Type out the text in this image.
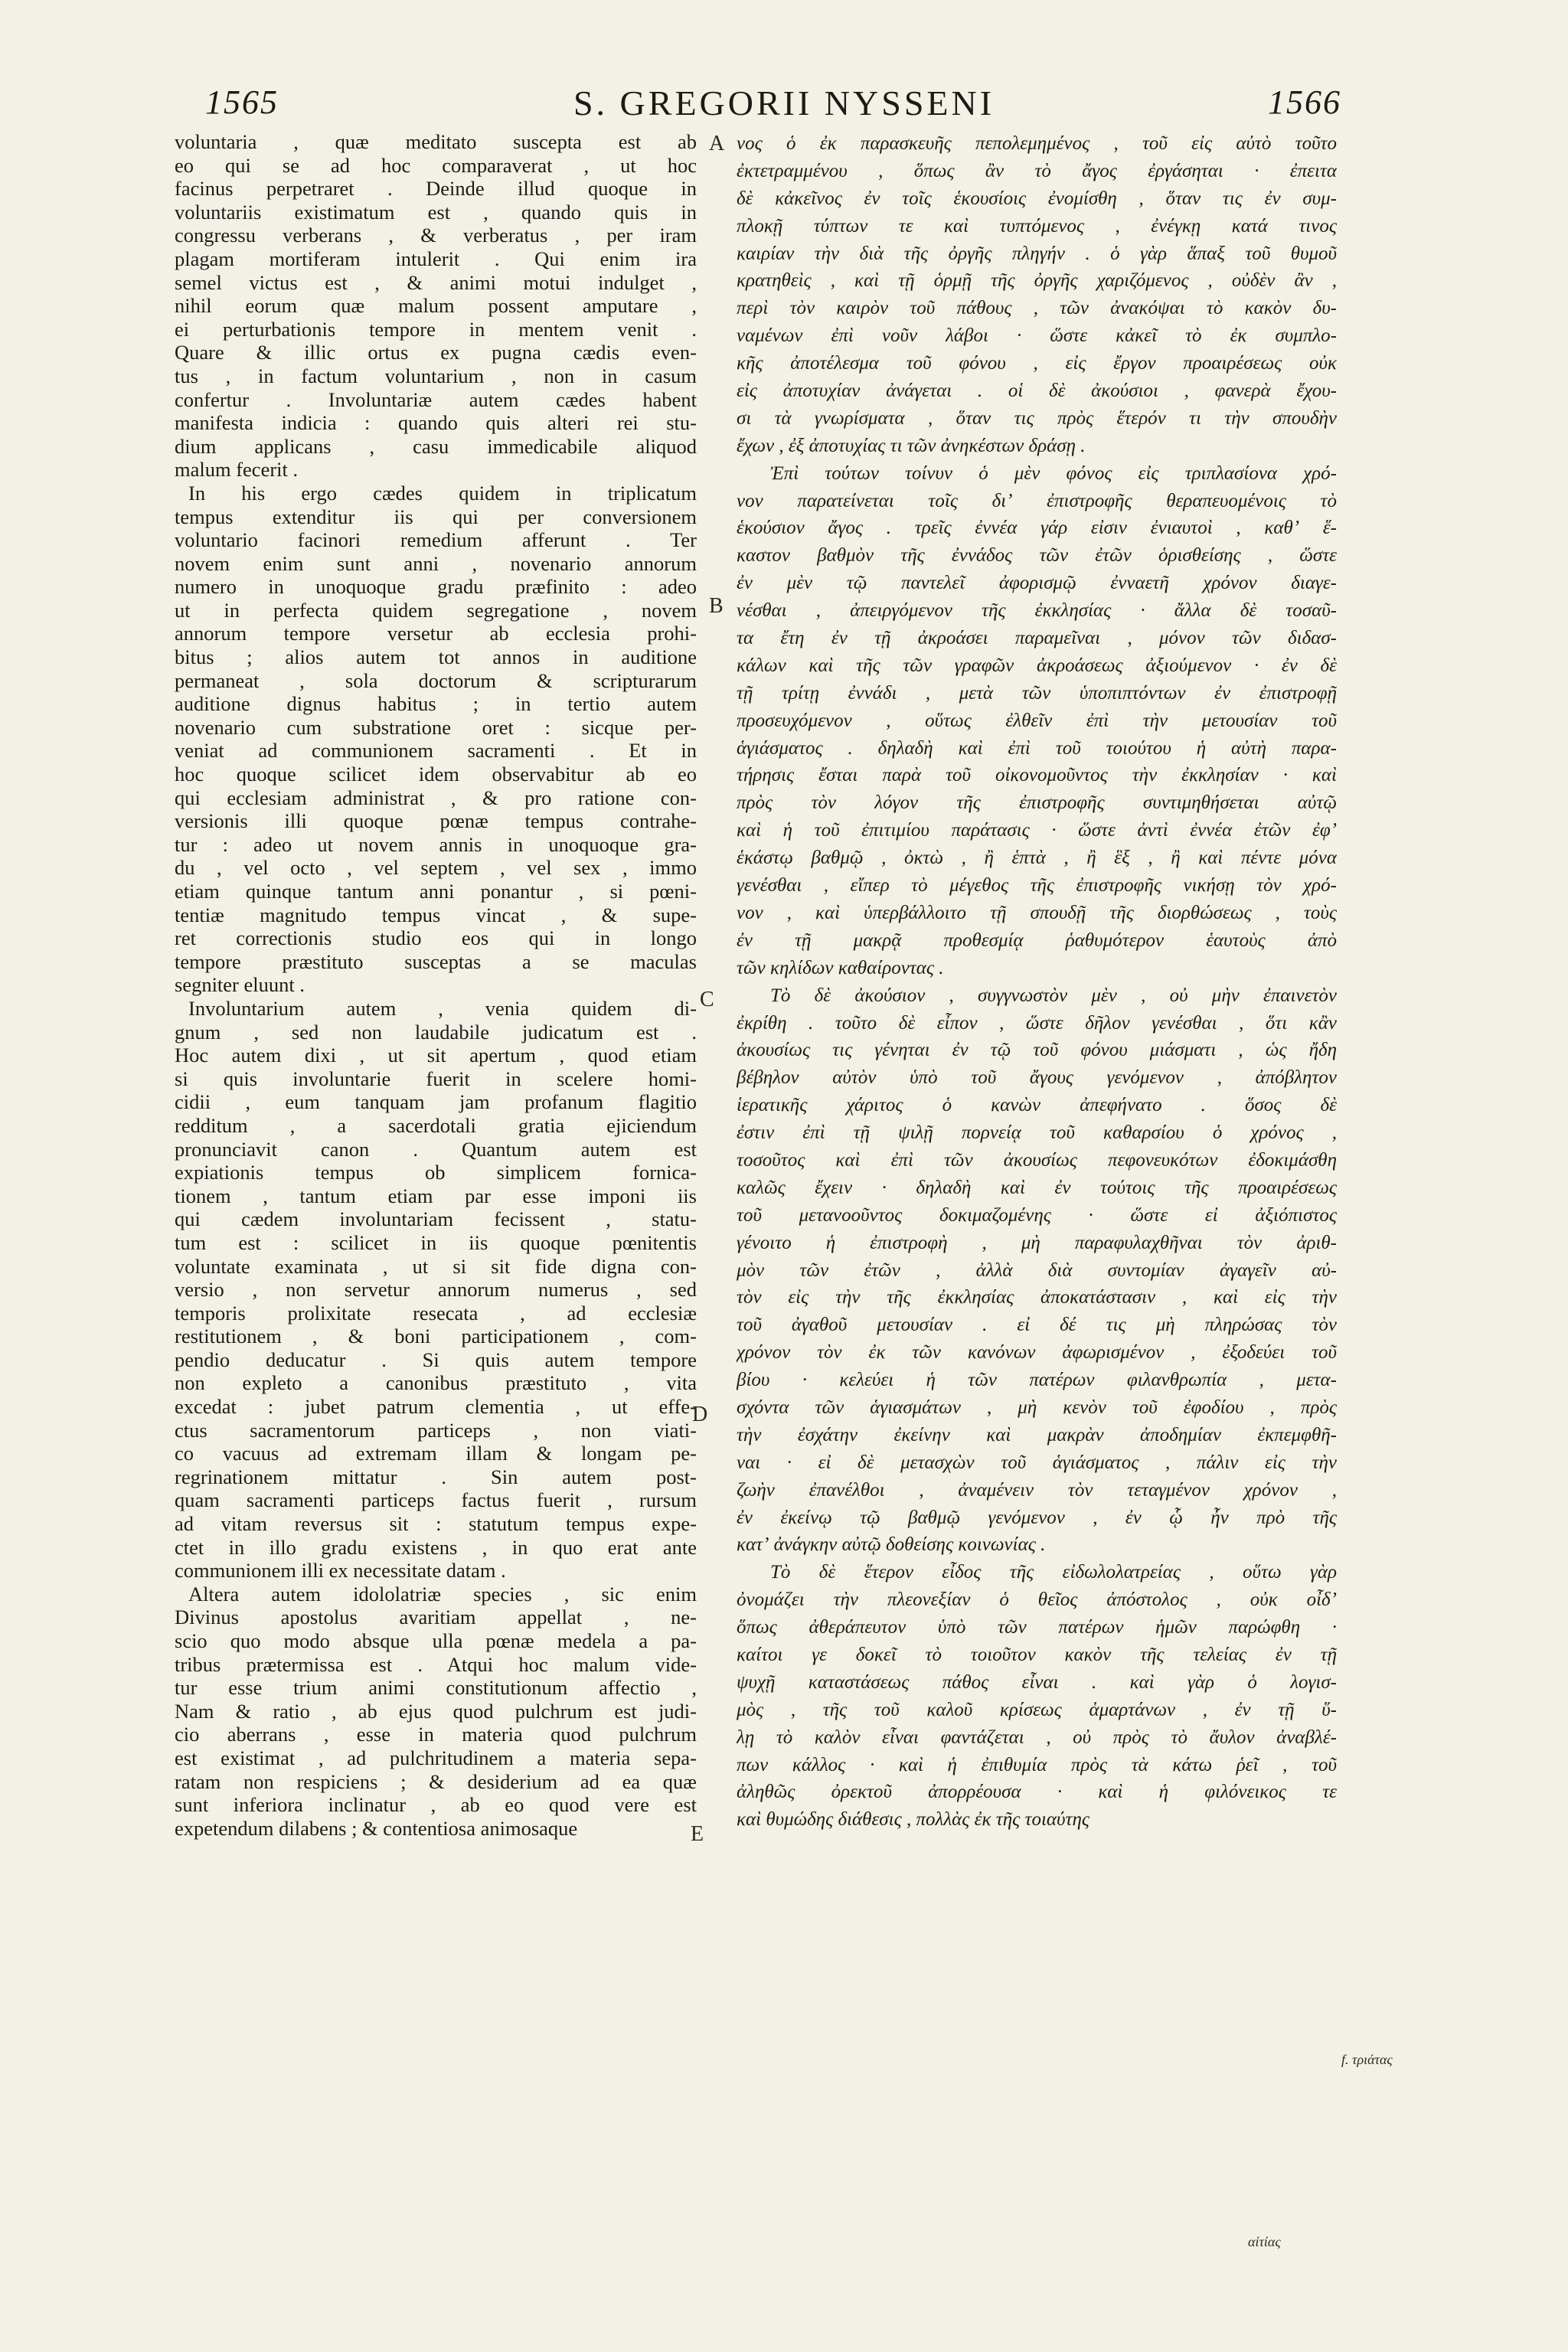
1565	S. GREGORII NYSSENI	1566
voluntaria , quæ meditato suscepta est ab
eo qui se ad hoc comparaverat , ut hoc
facinus perpetraret . Deinde illud quoque in
voluntariis existimatum est , quando quis in
congressu verberans , & verberatus , per iram
plagam mortiferam intulerit . Qui enim ira
semel victus est , & animi motui indulget ,
nihil eorum quæ malum possent amputare ,
ei perturbationis tempore in mentem venit .
Quare & illic ortus ex pugna cædis even-
tus , in factum voluntarium , non in casum
confertur . Involuntariæ autem cædes habent
manifesta indicia : quando quis alteri rei stu-
dium applicans , casu immedicabile aliquod
malum fecerit .
In his ergo cædes quidem in triplicatum
tempus extenditur iis qui per conversionem
voluntario facinori remedium afferunt . Ter
novem enim sunt anni , novenario annorum
numero in unoquoque gradu præfinito : adeo
ut in perfecta quidem segregatione , novem
annorum tempore versetur ab ecclesia prohi-
bitus ; alios autem tot annos in auditione
permaneat , sola doctorum & scripturarum
auditione dignus habitus ; in tertio autem
novenario cum substratione oret : sicque per-
veniat ad communionem sacramenti . Et in
hoc quoque scilicet idem observabitur ab eo
qui ecclesiam administrat , & pro ratione con-
versionis illi quoque pœnæ tempus contrahe-
tur : adeo ut novem annis in unoquoque gra-
du , vel octo , vel septem , vel sex , immo
etiam quinque tantum anni ponantur , si pœni-
tentiæ magnitudo tempus vincat , & supe-
ret correctionis studio eos qui in longo
tempore præstituto susceptas a se maculas
segniter eluunt .
Involuntarium autem , venia quidem di-
gnum , sed non laudabile judicatum est .
Hoc autem dixi , ut sit apertum , quod etiam
si quis involuntarie fuerit in scelere homi-
cidii , eum tanquam jam profanum flagitio
redditum , a sacerdotali gratia ejiciendum
pronunciavit canon . Quantum autem est
expiationis tempus ob simplicem fornica-
tionem , tantum etiam par esse imponi iis
qui cædem involuntariam fecissent , statu-
tum est : scilicet in iis quoque pœnitentis
voluntate examinata , ut si sit fide digna con-
versio , non servetur annorum numerus , sed
temporis prolixitate resecata , ad ecclesiæ
restitutionem , & boni participationem , com-
pendio deducatur . Si quis autem tempore
non expleto a canonibus præstituto , vita
excedat : jubet patrum clementia , ut effe-
ctus sacramentorum particeps , non viati-
co vacuus ad extremam illam & longam pe-
regrinationem mittatur . Sin autem post-
quam sacramenti particeps factus fuerit , rursum
ad vitam reversus sit : statutum tempus expe-
ctet in illo gradu existens , in quo erat ante
communionem illi ex necessitate datam .
Altera autem idololatriæ species , sic enim
Divinus apostolus avaritiam appellat , ne-
scio quo modo absque ulla pœnæ medela a pa-
tribus prætermissa est . Atqui hoc malum vide-
tur esse trium animi constitutionum affectio ,
Nam & ratio , ab ejus quod pulchrum est judi-
cio aberrans , esse in materia quod pulchrum
est existimat , ad pulchritudinem a materia sepa-
ratam non respiciens ; & desiderium ad ea quæ
sunt inferiora inclinatur , ab eo quod vere est
expetendum dilabens ; & contentiosa animosaque
νος ὁ ἐκ παρασκευῆς πεπολεμημένος , τοῦ εἰς αὐτὸ τοῦτο
ἐκτετραμμένου , ὅπως ἂν τὸ ἄγος ἐργάσηται · ἐπειτα
δὲ κἀκεῖνος ἐν τοῖς ἑκουσίοις ἐνομίσθη , ὅταν τις ἐν συμ-
πλοκῇ τύπτων τε καὶ τυπτόμενος , ἐνέγκῃ κατά τινος
καιρίαν τὴν διὰ τῆς ὀργῆς πληγήν . ὁ γὰρ ἅπαξ τοῦ θυμοῦ
κρατηθεὶς , καὶ τῇ ὁρμῇ τῆς ὀργῆς χαριζόμενος , οὐδὲν ἂν ,
περὶ τὸν καιρὸν τοῦ πάθους , τῶν ἀνακόψαι τὸ κακὸν δυ-
ναμένων ἐπὶ νοῦν λάβοι · ὥστε κἀκεῖ τὸ ἐκ συμπλο-
κῆς ἀποτέλεσμα τοῦ φόνου , εἰς ἔργον προαιρέσεως οὐκ
εἰς ἀποτυχίαν ἀνάγεται . οἱ δὲ ἀκούσιοι , φανερὰ ἔχου-
σι τὰ γνωρίσματα , ὅταν τις πρὸς ἕτερόν τι τὴν σπουδὴν
ἔχων , ἐξ ἀποτυχίας τι τῶν ἀνηκέστων δράσῃ .
Ἐπὶ τούτων τοίνυν ὁ μὲν φόνος εἰς τριπλασίονα χρό-
νον παρατείνεται τοῖς διʼ ἐπιστροφῆς θεραπευομένοις τὸ
ἑκούσιον ἄγος . τρεῖς ἐννέα γάρ εἰσιν ἐνιαυτοὶ , καθʼ ἕ-
καστον βαθμὸν τῆς ἐννάδος τῶν ἐτῶν ὁρισθείσης , ὥστε
ἐν μὲν τῷ παντελεῖ ἀφορισμῷ ἐνναετῆ χρόνον διαγε-
νέσθαι , ἀπειργόμενον τῆς ἐκκλησίας · ἄλλα δὲ τοσαῦ-
τα ἔτη ἐν τῇ ἀκροάσει παραμεῖναι , μόνον τῶν διδασ-
κάλων καὶ τῆς τῶν γραφῶν ἀκροάσεως ἀξιούμενον · ἐν δὲ
τῇ τρίτῃ ἐννάδι , μετὰ τῶν ὑποπιπτόντων ἐν ἐπιστροφῇ
προσευχόμενον , οὕτως ἐλθεῖν ἐπὶ τὴν μετουσίαν τοῦ
ἁγιάσματος . δηλαδὴ καὶ ἐπὶ τοῦ τοιούτου ἡ αὐτὴ παρα-
τήρησις ἔσται παρὰ τοῦ οἰκονομοῦντος τὴν ἐκκλησίαν · καὶ
πρὸς τὸν λόγον τῆς ἐπιστροφῆς συντιμηθήσεται αὐτῷ
καὶ ἡ τοῦ ἐπιτιμίου παράτασις · ὥστε ἀντὶ ἐννέα ἐτῶν ἐφʼ
ἑκάστῳ βαθμῷ , ὀκτὼ , ἢ ἑπτὰ , ἢ ἓξ , ἢ καὶ πέντε μόνα
γενέσθαι , εἴπερ τὸ μέγεθος τῆς ἐπιστροφῆς νικήσῃ τὸν χρό-
νον , καὶ ὑπερβάλλοιτο τῇ σπουδῇ τῆς διορθώσεως , τοὺς
ἐν τῇ μακρᾷ προθεσμίᾳ ῥαθυμότερον ἑαυτοὺς ἀπὸ
τῶν κηλίδων καθαίροντας .
Τὸ δὲ ἀκούσιον , συγγνωστὸν μὲν , οὐ μὴν ἐπαινετὸν
ἐκρίθη . τοῦτο δὲ εἶπον , ὥστε δῆλον γενέσθαι , ὅτι κἂν
ἀκουσίως τις γένηται ἐν τῷ τοῦ φόνου μιάσματι , ὡς ἤδη
βέβηλον αὐτὸν ὑπὸ τοῦ ἄγους γενόμενον , ἀπόβλητον
ἱερατικῆς χάριτος ὁ κανὼν ἀπεφήνατο . ὅσος δὲ
ἐστιν ἐπὶ τῇ ψιλῇ πορνείᾳ τοῦ καθαρσίου ὁ χρόνος ,
τοσοῦτος καὶ ἐπὶ τῶν ἀκουσίως πεφονευκότων ἐδοκιμάσθη
καλῶς ἔχειν · δηλαδὴ καὶ ἐν τούτοις τῆς προαιρέσεως
τοῦ μετανοοῦντος δοκιμαζομένης · ὥστε εἰ ἀξιόπιστος
γένοιτο ἡ ἐπιστροφὴ , μὴ παραφυλαχθῆναι τὸν ἀριθ-
μὸν τῶν ἐτῶν , ἀλλὰ διὰ συντομίαν ἀγαγεῖν αὐ-
τὸν εἰς τὴν τῆς ἐκκλησίας ἀποκατάστασιν , καὶ εἰς τὴν
τοῦ ἀγαθοῦ μετουσίαν . εἰ δέ τις μὴ πληρώσας τὸν
χρόνον τὸν ἐκ τῶν κανόνων ἀφωρισμένον , ἐξοδεύει τοῦ
βίου · κελεύει ἡ τῶν πατέρων φιλανθρωπία , μετα-
σχόντα τῶν ἁγιασμάτων , μὴ κενὸν τοῦ ἐφοδίου , πρὸς
τὴν ἐσχάτην ἐκείνην καὶ μακρὰν ἀποδημίαν ἐκπεμφθῆ-
ναι · εἰ δὲ μετασχὼν τοῦ ἁγιάσματος , πάλιν εἰς τὴν
ζωὴν ἐπανέλθοι , ἀναμένειν τὸν τεταγμένον χρόνον ,
ἐν ἐκείνῳ τῷ βαθμῷ γενόμενον , ἐν ᾧ ἦν πρὸ τῆς
κατʼ ἀνάγκην αὐτῷ δοθείσης κοινωνίας .
Τὸ δὲ ἕτερον εἶδος τῆς εἰδωλολατρείας , οὕτω γὰρ
ὀνομάζει τὴν πλεονεξίαν ὁ θεῖος ἀπόστολος , οὐκ οἶδʼ
ὅπως ἀθεράπευτον ὑπὸ τῶν πατέρων ἡμῶν παρώφθη ·
καίτοι γε δοκεῖ τὸ τοιοῦτον κακὸν τῆς τελείας ἐν τῇ
ψυχῇ καταστάσεως πάθος εἶναι . καὶ γὰρ ὁ λογισ-
μὸς , τῆς τοῦ καλοῦ κρίσεως ἁμαρτάνων , ἐν τῇ ὕ-
λῃ τὸ καλὸν εἶναι φαντάζεται , οὐ πρὸς τὸ ἄυλον ἀναβλέ-
πων κάλλος · καὶ ἡ ἐπιθυμία πρὸς τὰ κάτω ῥεῖ , τοῦ
ἀληθῶς ὀρεκτοῦ ἀπορρέουσα · καὶ ἡ φιλόνεικος τε
καὶ θυμώδης διάθεσις , πολλὰς ἐκ τῆς τοιαύτης
A
B
C
D
E
f. τριάτας
αἰτίας
